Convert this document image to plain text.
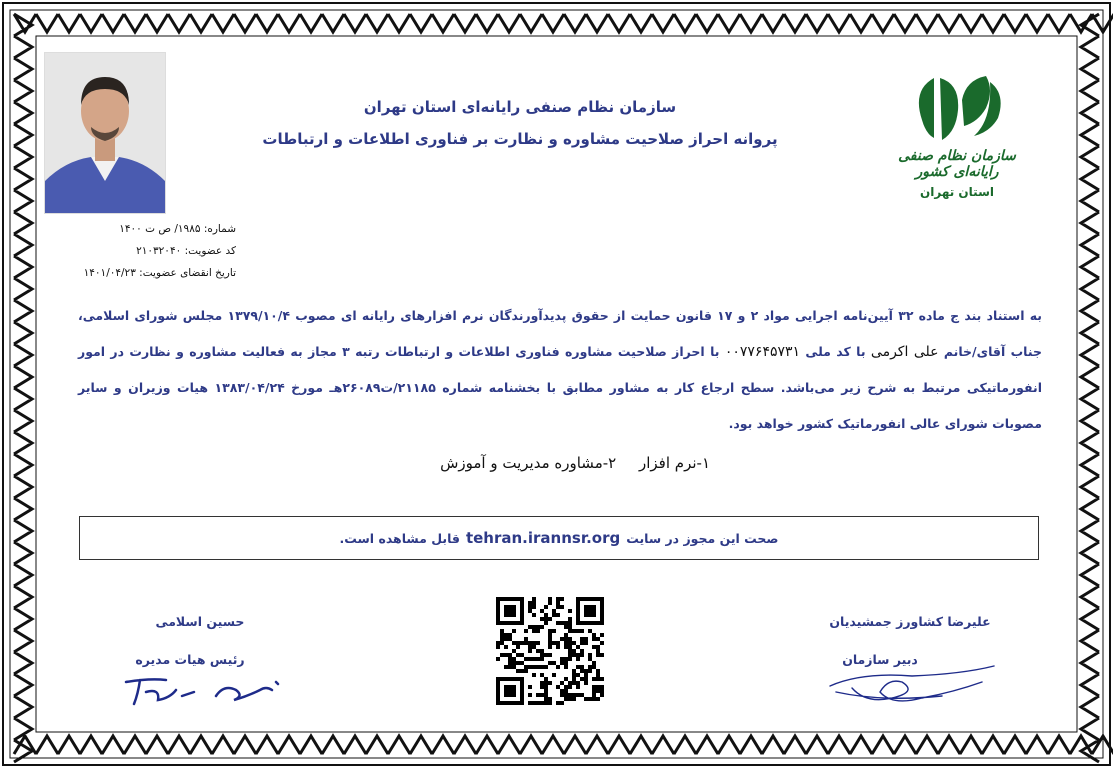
شماره: ۱۹۸۵/ ص ت ۱۴۰۰
کد عضویت: ۲۱۰۳۲۰۴۰
تاریخ انقضای عضویت: ۱۴۰۱/۰۴/۲۳
سازمان نظام صنفی رایانه‌ای استان تهران
پروانه احراز صلاحیت مشاوره و نظارت بر فناوری اطلاعات و ارتباطات
سازمان نظام صنفی رایانه‌ای کشور
استان تهران
به استناد بند ج ماده ۳۲ آیین‌نامه اجرایی مواد ۲ و ۱۷ قانون حمایت از حقوق پدیدآورندگان نرم افزارهای رایانه ای مصوب ۱۳۷۹/۱۰/۴ مجلس شورای اسلامی، جناب آقای/خانم علی اکرمی با کد ملی ۰۰۷۷۶۴۵۷۳۱ با احراز صلاحیت مشاوره فناوری اطلاعات و ارتباطات رتبه ۳ مجاز به فعالیت مشاوره و نظارت در امور انفورماتیکی مرتبط به شرح زیر می‌باشد. سطح ارجاع کار به مشاور مطابق با بخشنامه شماره ۲۱۱۸۵/ت۲۶۰۸۹هـ مورخ ۱۳۸۳/۰۴/۲۴ هیات وزیران و سایر مصوبات شورای عالی انفورماتیک کشور خواهد بود.
۱-نرم افزار ۲-مشاوره مدیریت و آموزش
صحت این مجوز در سایت
tehran.irannsr.org
قابل مشاهده است.
حسین اسلامی
رئیس هیات مدیره
علیرضا کشاورز جمشیدیان
دبیر سازمان
